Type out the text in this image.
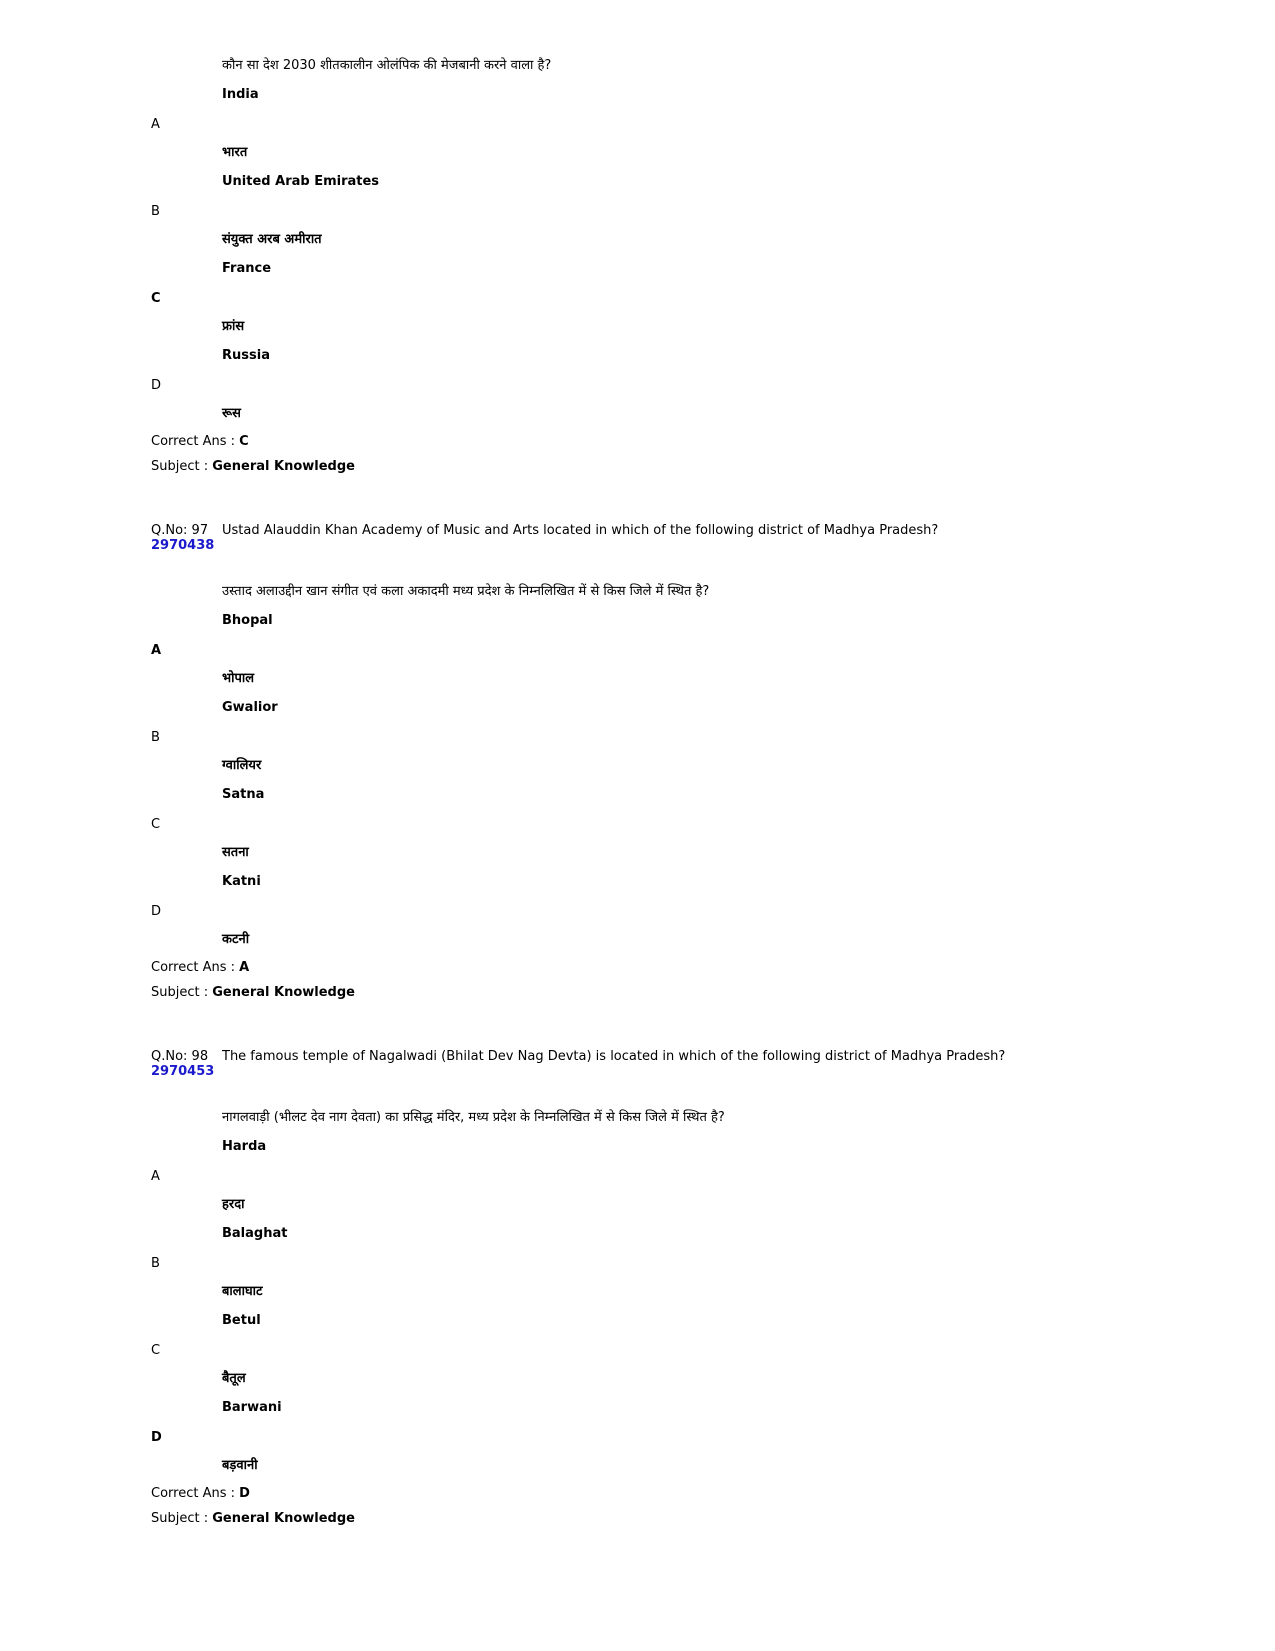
कौन सा देश 2030 शीतकालीन ओलंपिक की मेजबानी करने वाला है?
India
A
भारत
United Arab Emirates
B
संयुक्त अरब अमीरात
France
C
फ्रांस
Russia
D
रूस
Correct Ans : C
Subject : General Knowledge
Q.No: 97 Ustad Alauddin Khan Academy of Music and Arts located in which of the following district of Madhya Pradesh?
2970438
उस्ताद अलाउद्दीन खान संगीत एवं कला अकादमी मध्य प्रदेश के निम्नलिखित में से किस जिले में स्थित है?
Bhopal
A
भोपाल
Gwalior
B
ग्वालियर
Satna
C
सतना
Katni
D
कटनी
Correct Ans : A
Subject : General Knowledge
Q.No: 98 The famous temple of Nagalwadi (Bhilat Dev Nag Devta) is located in which of the following district of Madhya Pradesh?
2970453
नागलवाड़ी (भीलट देव नाग देवता) का प्रसिद्ध मंदिर, मध्य प्रदेश के निम्नलिखित में से किस जिले में स्थित है?
Harda
A
हरदा
Balaghat
B
बालाघाट
Betul
C
बैतूल
Barwani
D
बड़वानी
Correct Ans : D
Subject : General Knowledge
